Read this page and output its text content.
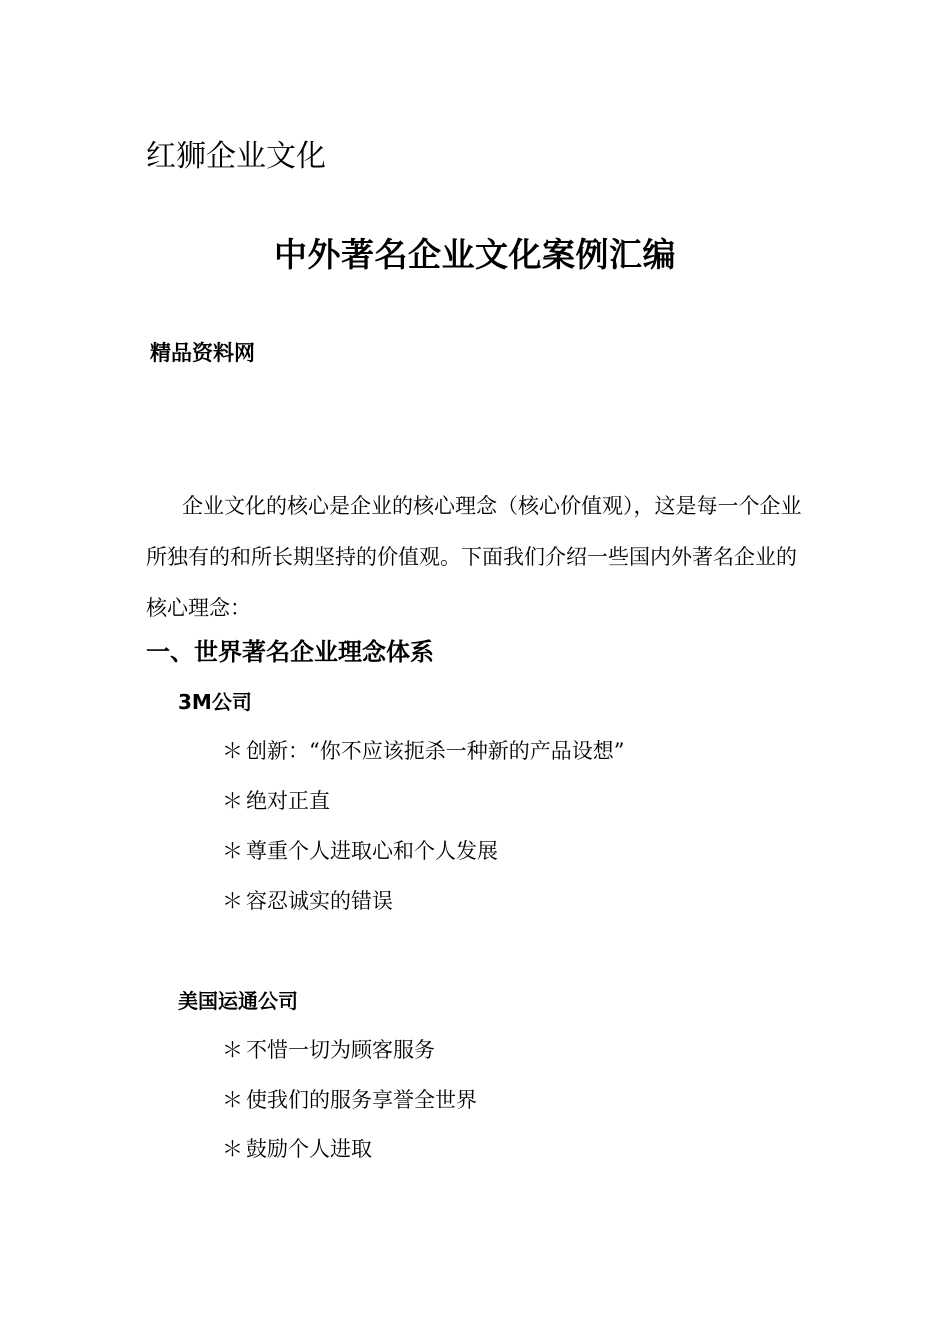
红狮企业文化
中外著名企业文化案例汇编
精品资料网

企业文化的核心是企业的核心理念（核心价值观），这是每一个企业所独有的和所长期坚持的价值观。下面我们介绍一些国内外著名企业的核心理念：

一、世界著名企业理念体系
3M公司
＊ 创新：“你不应该扼杀一种新的产品设想”
＊ 绝对正直
＊ 尊重个人进取心和个人发展
＊ 容忍诚实的错误
美国运通公司
＊ 不惜一切为顾客服务
＊ 使我们的服务享誉全世界
＊ 鼓励个人进取
